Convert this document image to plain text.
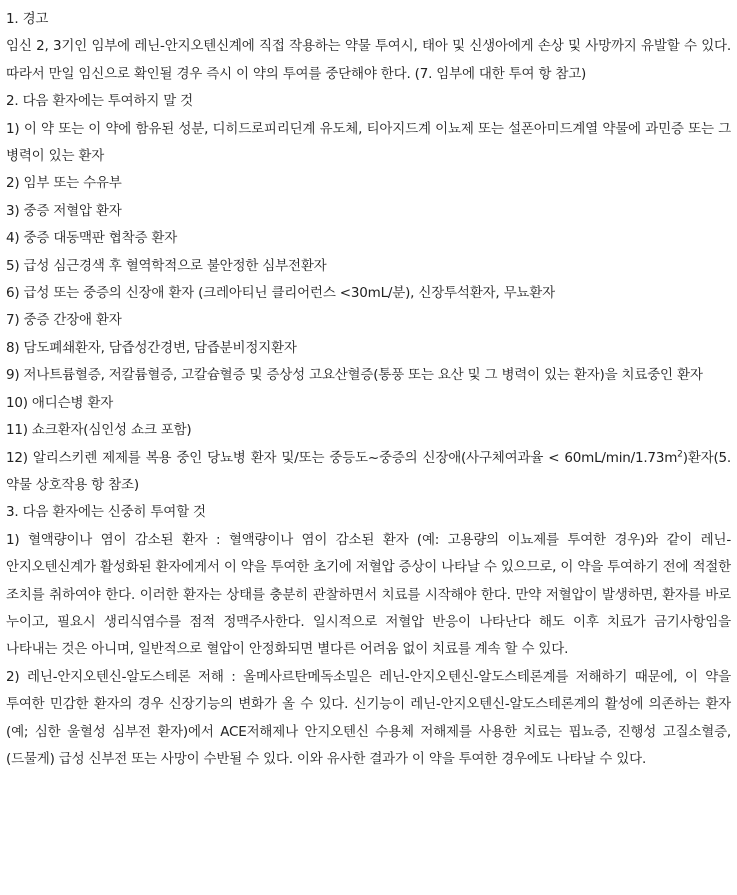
1. 경고

임신 2, 3기인 임부에 레닌-안지오텐신계에 직접 작용하는 약물 투여시, 태아 및 신생아에게 손상 및 사망까지 유발할 수 있다. 따라서 만일 임신으로 확인될 경우 즉시 이 약의 투여를 중단해야 한다. (7. 임부에 대한 투여 항 참고)

2. 다음 환자에는 투여하지 말 것

1) 이 약 또는 이 약에 함유된 성분, 디히드로피리딘계 유도체, 티아지드계 이뇨제 또는 설폰아미드계열 약물에 과민증 또는 그 병력이 있는 환자

2) 임부 또는 수유부

3) 중증 저혈압 환자

4) 중증 대동맥판 협착증 환자

5) 급성 심근경색 후 혈역학적으로 불안정한 심부전환자

6) 급성 또는 중증의 신장애 환자 (크레아티닌 클리어런스 <30mL/분), 신장투석환자, 무뇨환자

7) 중증 간장애 환자

8) 담도폐쇄환자, 담즙성간경변, 담즙분비정지환자

9) 저나트륨혈증, 저칼륨혈증, 고칼슘혈증 및 증상성 고요산혈증(통풍 또는 요산 및 그 병력이 있는 환자)을 치료중인 환자

10) 애디슨병 환자

11) 쇼크환자(심인성 쇼크 포함)

12) 알리스키렌 제제를 복용 중인 당뇨병 환자 및/또는 중등도~중증의 신장애(사구체여과율 < $60mL/\min/1.73m^2$)환자(5. 약물 상호작용 항 참조)

3. 다음 환자에는 신중히 투여할 것

1) 혈액량이나 염이 감소된 환자 : 혈액량이나 염이 감소된 환자 (예: 고용량의 이뇨제를 투여한 경우)와 같이 레닌-안지오텐신계가 활성화된 환자에게서 이 약을 투여한 초기에 저혈압 증상이 나타날 수 있으므로, 이 약을 투여하기 전에 적절한 조치를 취하여야 한다. 이러한 환자는 상태를 충분히 관찰하면서 치료를 시작해야 한다. 만약 저혈압이 발생하면, 환자를 바로 누이고, 필요시 생리식염수를 점적 정맥주사한다. 일시적으로 저혈압 반응이 나타난다 해도 이후 치료가 금기사항임을 나타내는 것은 아니며, 일반적으로 혈압이 안정화되면 별다른 어려움 없이 치료를 계속 할 수 있다.

2) 레닌-안지오텐신-알도스테론 저해 : 올메사르탄메독소밀은 레닌-안지오텐신-알도스테론계를 저해하기 때문에, 이 약을 투여한 민감한 환자의 경우 신장기능의 변화가 올 수 있다. 신기능이 레닌-안지오텐신-알도스테론계의 활성에 의존하는 환자(예; 심한 울혈성 심부전 환자)에서 ACE저해제나 안지오텐신 수용체 저해제를 사용한 치료는 핍뇨증, 진행성 고질소혈증, (드물게) 급성 신부전 또는 사망이 수반될 수 있다. 이와 유사한 결과가 이 약을 투여한 경우에도 나타날 수 있다.
